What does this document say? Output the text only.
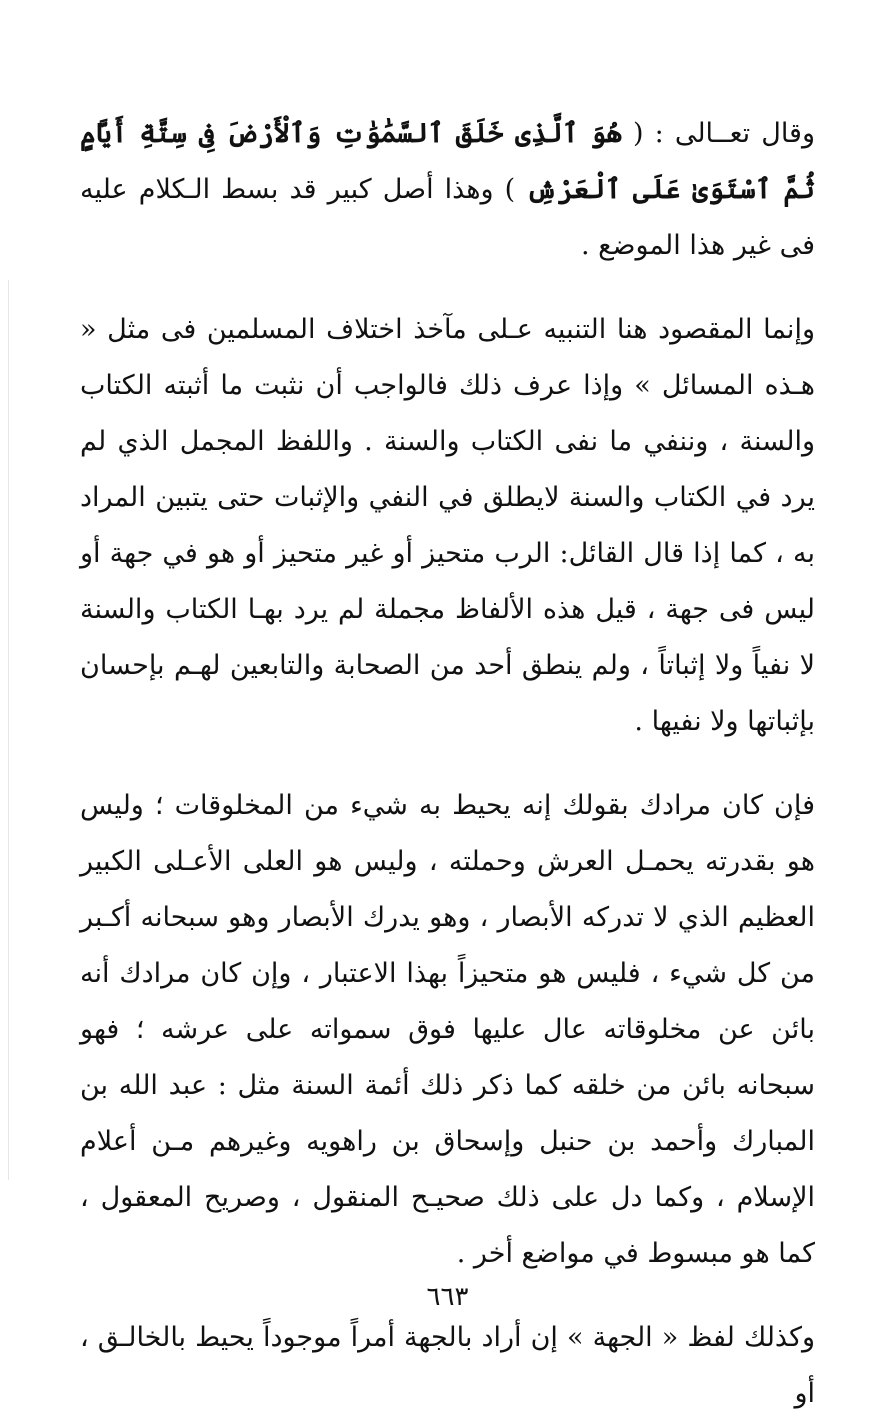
وقال تعــالى : ( هُوَ ٱلَّذِى خَلَقَ ٱلسَّمَٰوَٰتِ وَٱلْأَرْضَ فِى سِتَّةِ أَيَّامٍ ثُمَّ ٱسْتَوَىٰ عَلَى ٱلْعَرْشِ ) وهذا أصل كبير قد بسط الـكلام عليه فى غير هذا الموضع .

وإنما المقصود هنا التنبيه عـلى مآخذ اختلاف المسلمين فى مثل « هـذه المسائل » وإذا عرف ذلك فالواجب أن نثبت ما أثبته الكتاب والسنة ، وننفي ما نفى الكتاب والسنة . واللفظ المجمل الذي لم يرد في الكتاب والسنة لايطلق في النفي والإثبات حتى يتبين المراد به ، كما إذا قال القائل: الرب متحيز أو غير متحيز أو هو في جهة أو ليس فى جهة ، قيل هذه الألفاظ مجملة لم يرد بهـا الكتاب والسنة لا نفياً ولا إثباتاً ، ولم ينطق أحد من الصحابة والتابعين لهـم بإحسان بإثباتها ولا نفيها .

فإن كان مرادك بقولك إنه يحيط به شيء من المخلوقات ؛ وليس هو بقدرته يحمـل العرش وحملته ، وليس هو العلى الأعـلى الكبير العظيم الذي لا تدركه الأبصار ، وهو يدرك الأبصار وهو سبحانه أكـبر من كل شيء ، فليس هو متحيزاً بهذا الاعتبار ، وإن كان مرادك أنه بائن عن مخلوقاته عال عليها فوق سمواته على عرشه ؛ فهو سبحانه بائن من خلقه كما ذكر ذلك أئمة السنة مثل : عبد الله بن المبارك وأحمد بن حنبل وإسحاق بن راهويه وغيرهم مـن أعلام الإسلام ، وكما دل على ذلك صحيـح المنقول ، وصريح المعقول ، كما هو مبسوط في مواضع أخر .

وكذلك لفظ « الجهة » إن أراد بالجهة أمراً موجوداً يحيط بالخالـق ، أو

٦٦٣
